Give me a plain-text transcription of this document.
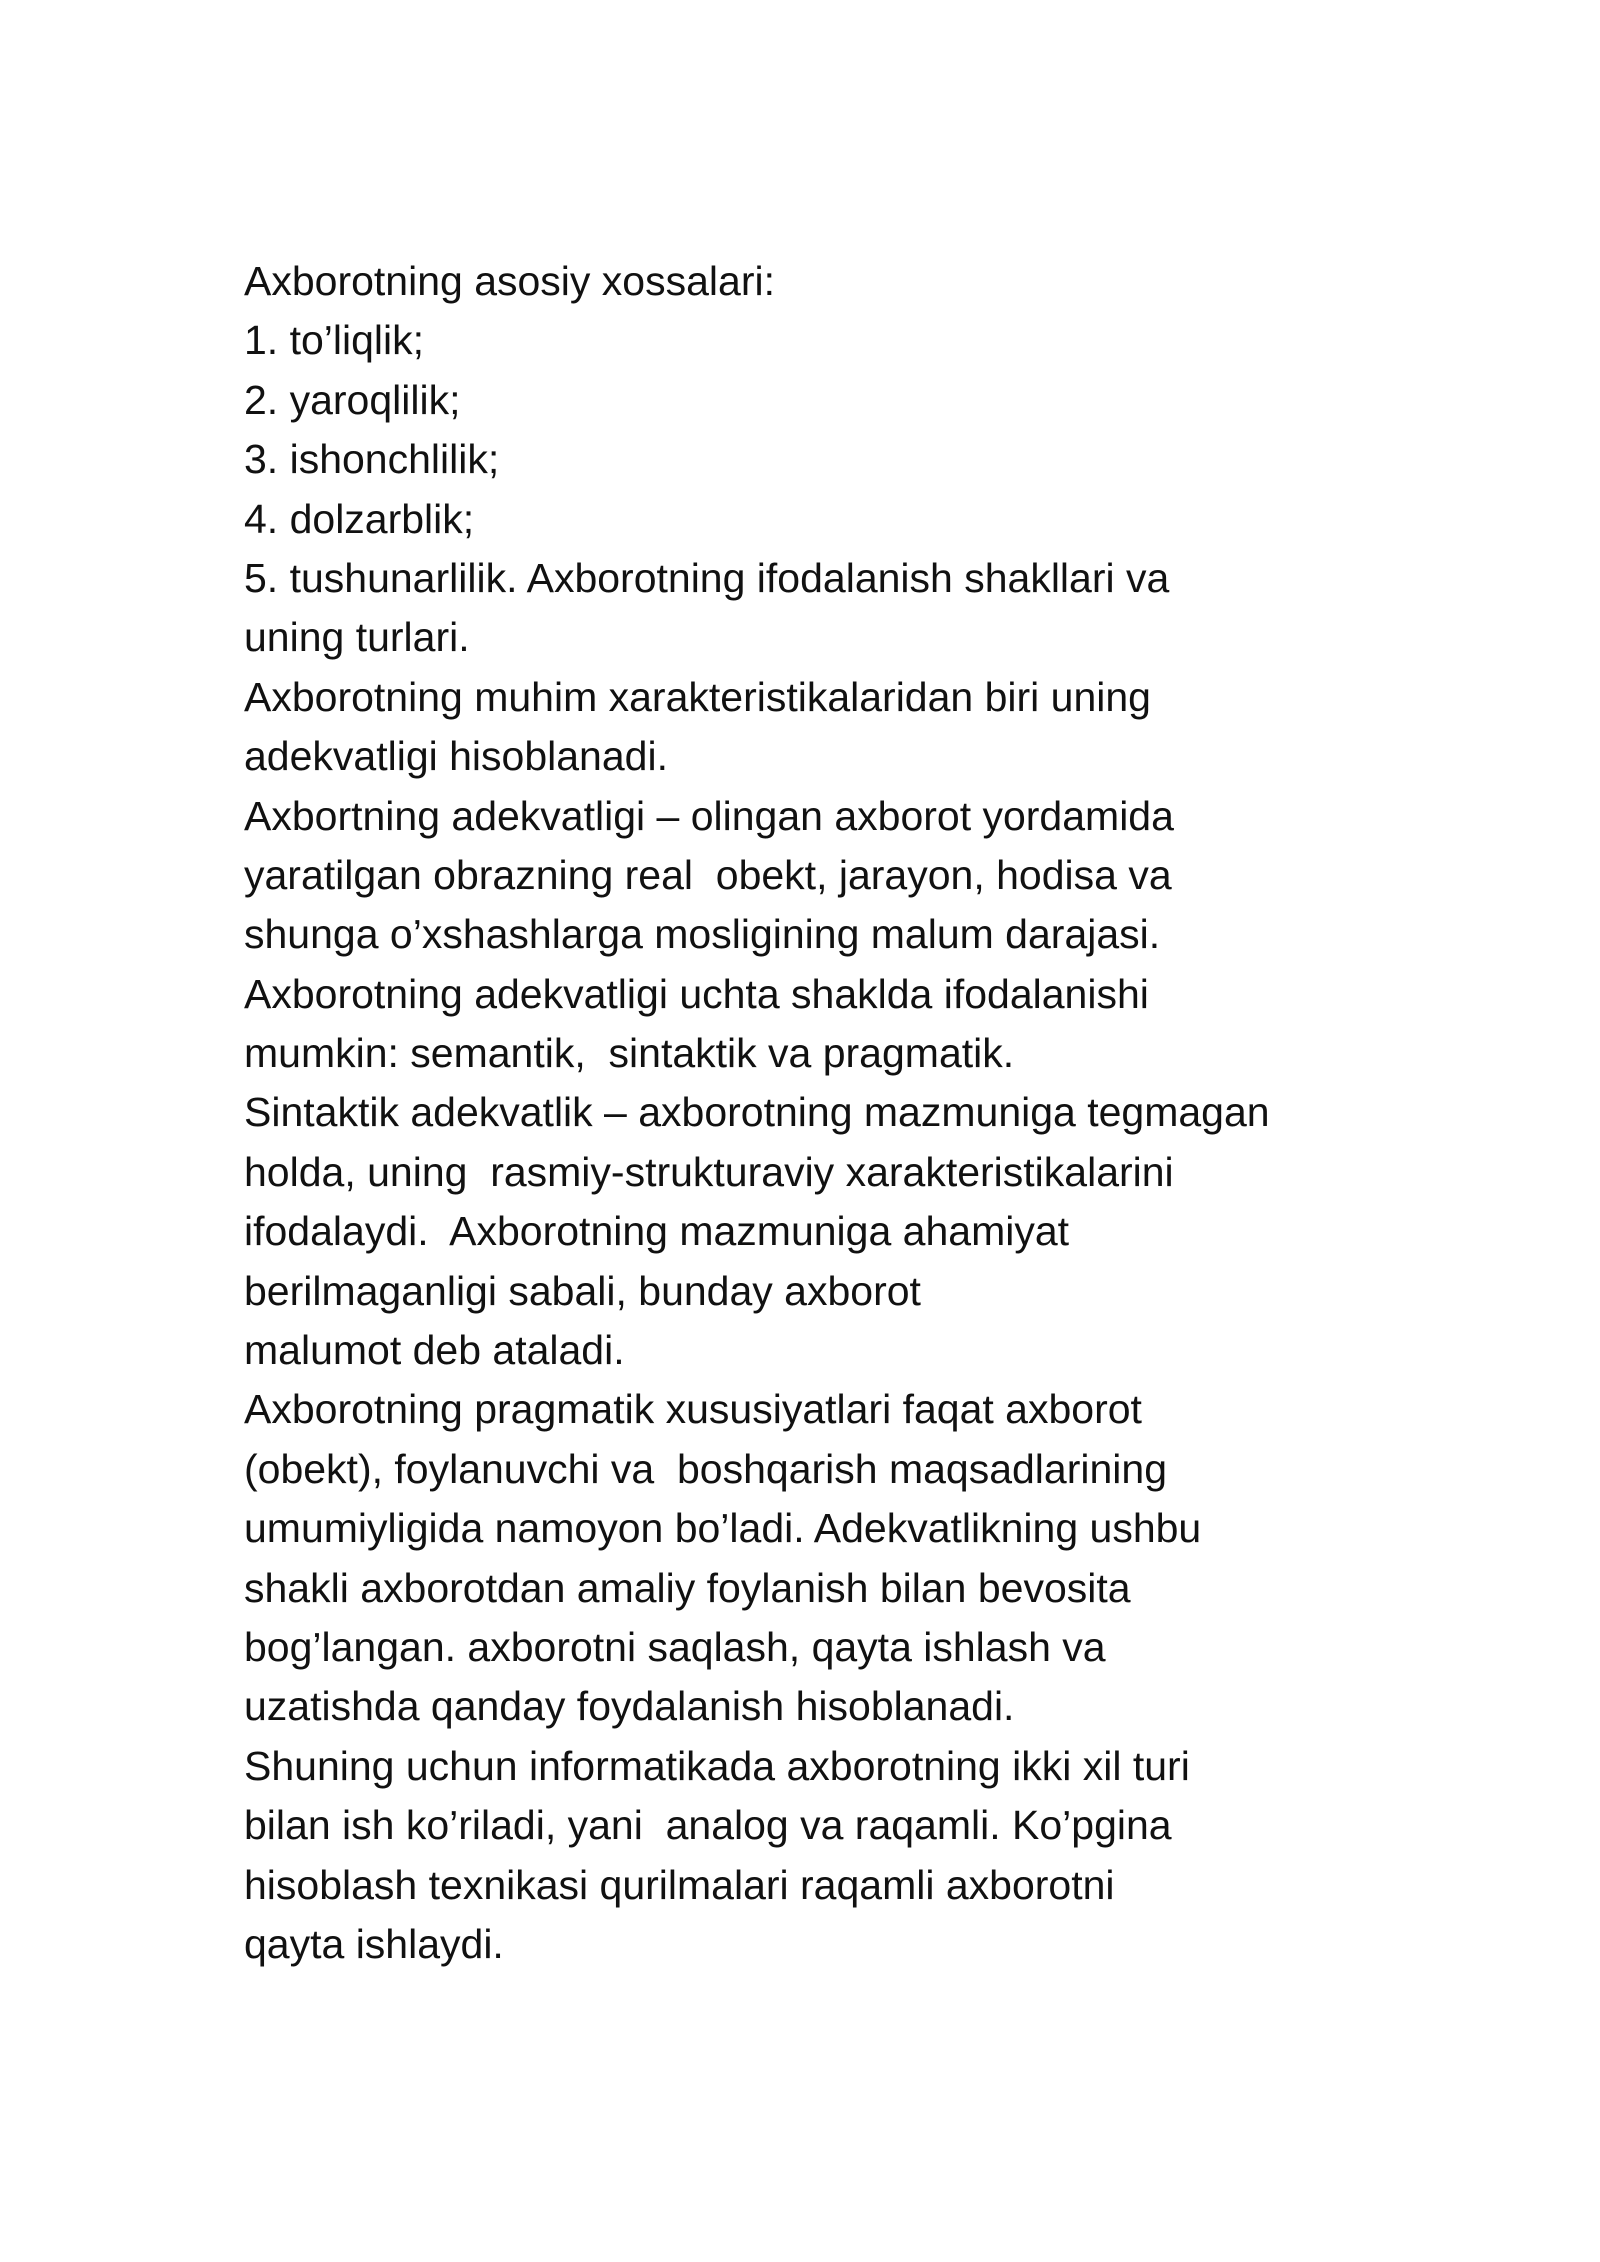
Axborotning asosiy xossalari:
1. to’liqlik;
2. yaroqlilik;
3. ishonchlilik;
4. dolzarblik;
5. tushunarlilik. Axborotning ifodalanish shakllari va
uning turlari.
Axborotning muhim xarakteristikalaridan biri uning
adekvatligi hisoblanadi.
Axbortning adekvatligi – olingan axborot yordamida
yaratilgan obrazning real  obekt, jarayon, hodisa va
shunga o’xshashlarga mosligining malum darajasi.
Axborotning adekvatligi uchta shaklda ifodalanishi
mumkin: semantik,  sintaktik va pragmatik.
Sintaktik adekvatlik – axborotning mazmuniga tegmagan
holda, uning  rasmiy-strukturaviy xarakteristikalarini
ifodalaydi.  Axborotning mazmuniga ahamiyat
berilmaganligi sabali, bunday axborot
malumot deb ataladi.
Axborotning pragmatik xususiyatlari faqat axborot
(obekt), foylanuvchi va  boshqarish maqsadlarining
umumiyligida namoyon bo’ladi. Adekvatlikning ushbu
shakli axborotdan amaliy foylanish bilan bevosita
bog’langan. axborotni saqlash, qayta ishlash va
uzatishda qanday foydalanish hisoblanadi.
Shuning uchun informatikada axborotning ikki xil turi
bilan ish ko’riladi, yani  analog va raqamli. Ko’pgina
hisoblash texnikasi qurilmalari raqamli axborotni
qayta ishlaydi.
